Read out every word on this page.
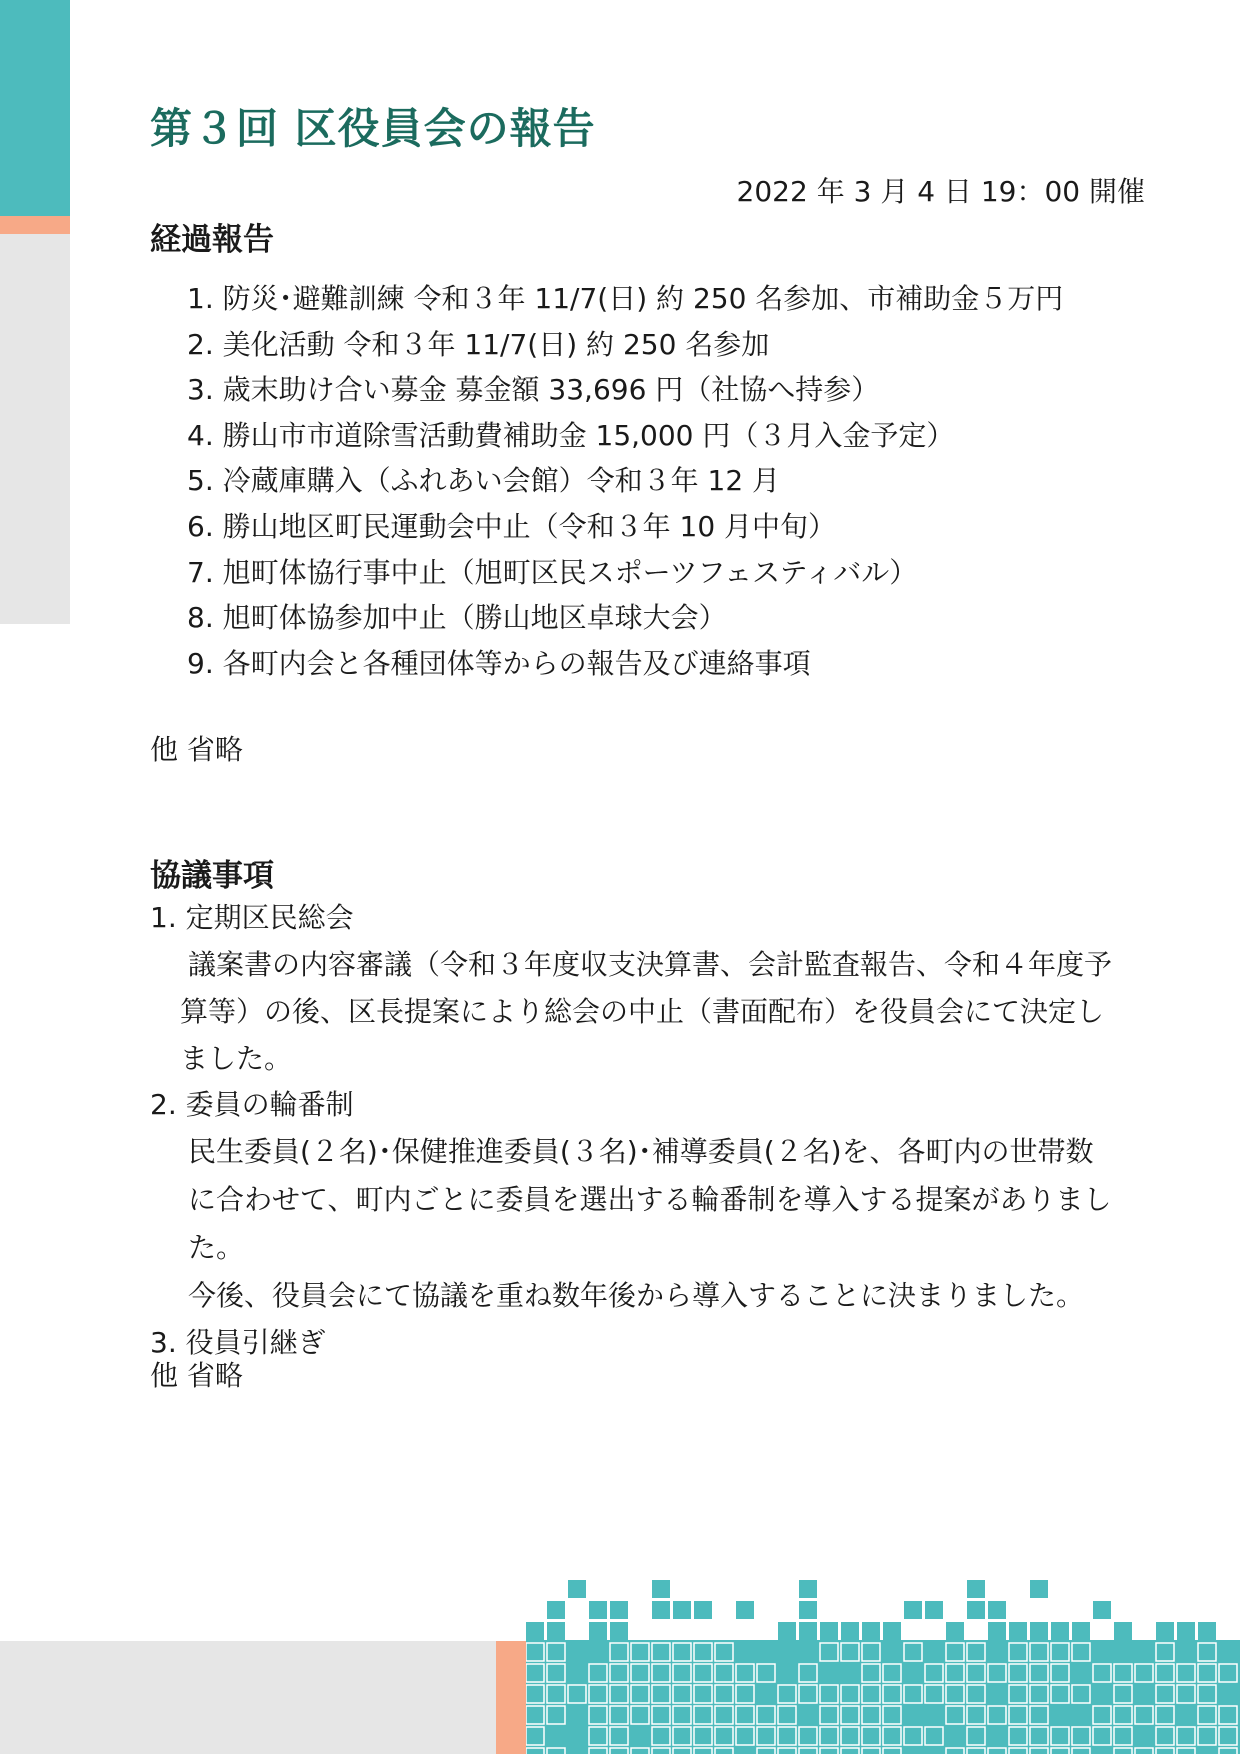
第３回 区役員会の報告

2022 年 3 月 4 日 19：00 開催

経過報告
1. 防災･避難訓練 令和３年 11/7(日) 約 250 名参加、市補助金５万円
2. 美化活動 令和３年 11/7(日) 約 250 名参加
3. 歳末助け合い募金 募金額 33,696 円（社協へ持参）
4. 勝山市市道除雪活動費補助金 15,000 円（３月入金予定）
5. 冷蔵庫購入（ふれあい会館）令和３年 12 月
6. 勝山地区町民運動会中止（令和３年 10 月中旬）
7. 旭町体協行事中止（旭町区民スポーツフェスティバル）
8. 旭町体協参加中止（勝山地区卓球大会）
9. 各町内会と各種団体等からの報告及び連絡事項

他 省略

協議事項

1. 定期区民総会

議案書の内容審議（令和３年度収支決算書、会計監査報告、令和４年度予算等）の後、区長提案により総会の中止（書面配布）を役員会にて決定しました。

2. 委員の輪番制

民生委員(２名)･保健推進委員(３名)･補導委員(２名)を、各町内の世帯数

に合わせて、町内ごとに委員を選出する輪番制を導入する提案がありました。

今後、役員会にて協議を重ね数年後から導入することに決まりました。

3. 役員引継ぎ

他 省略
